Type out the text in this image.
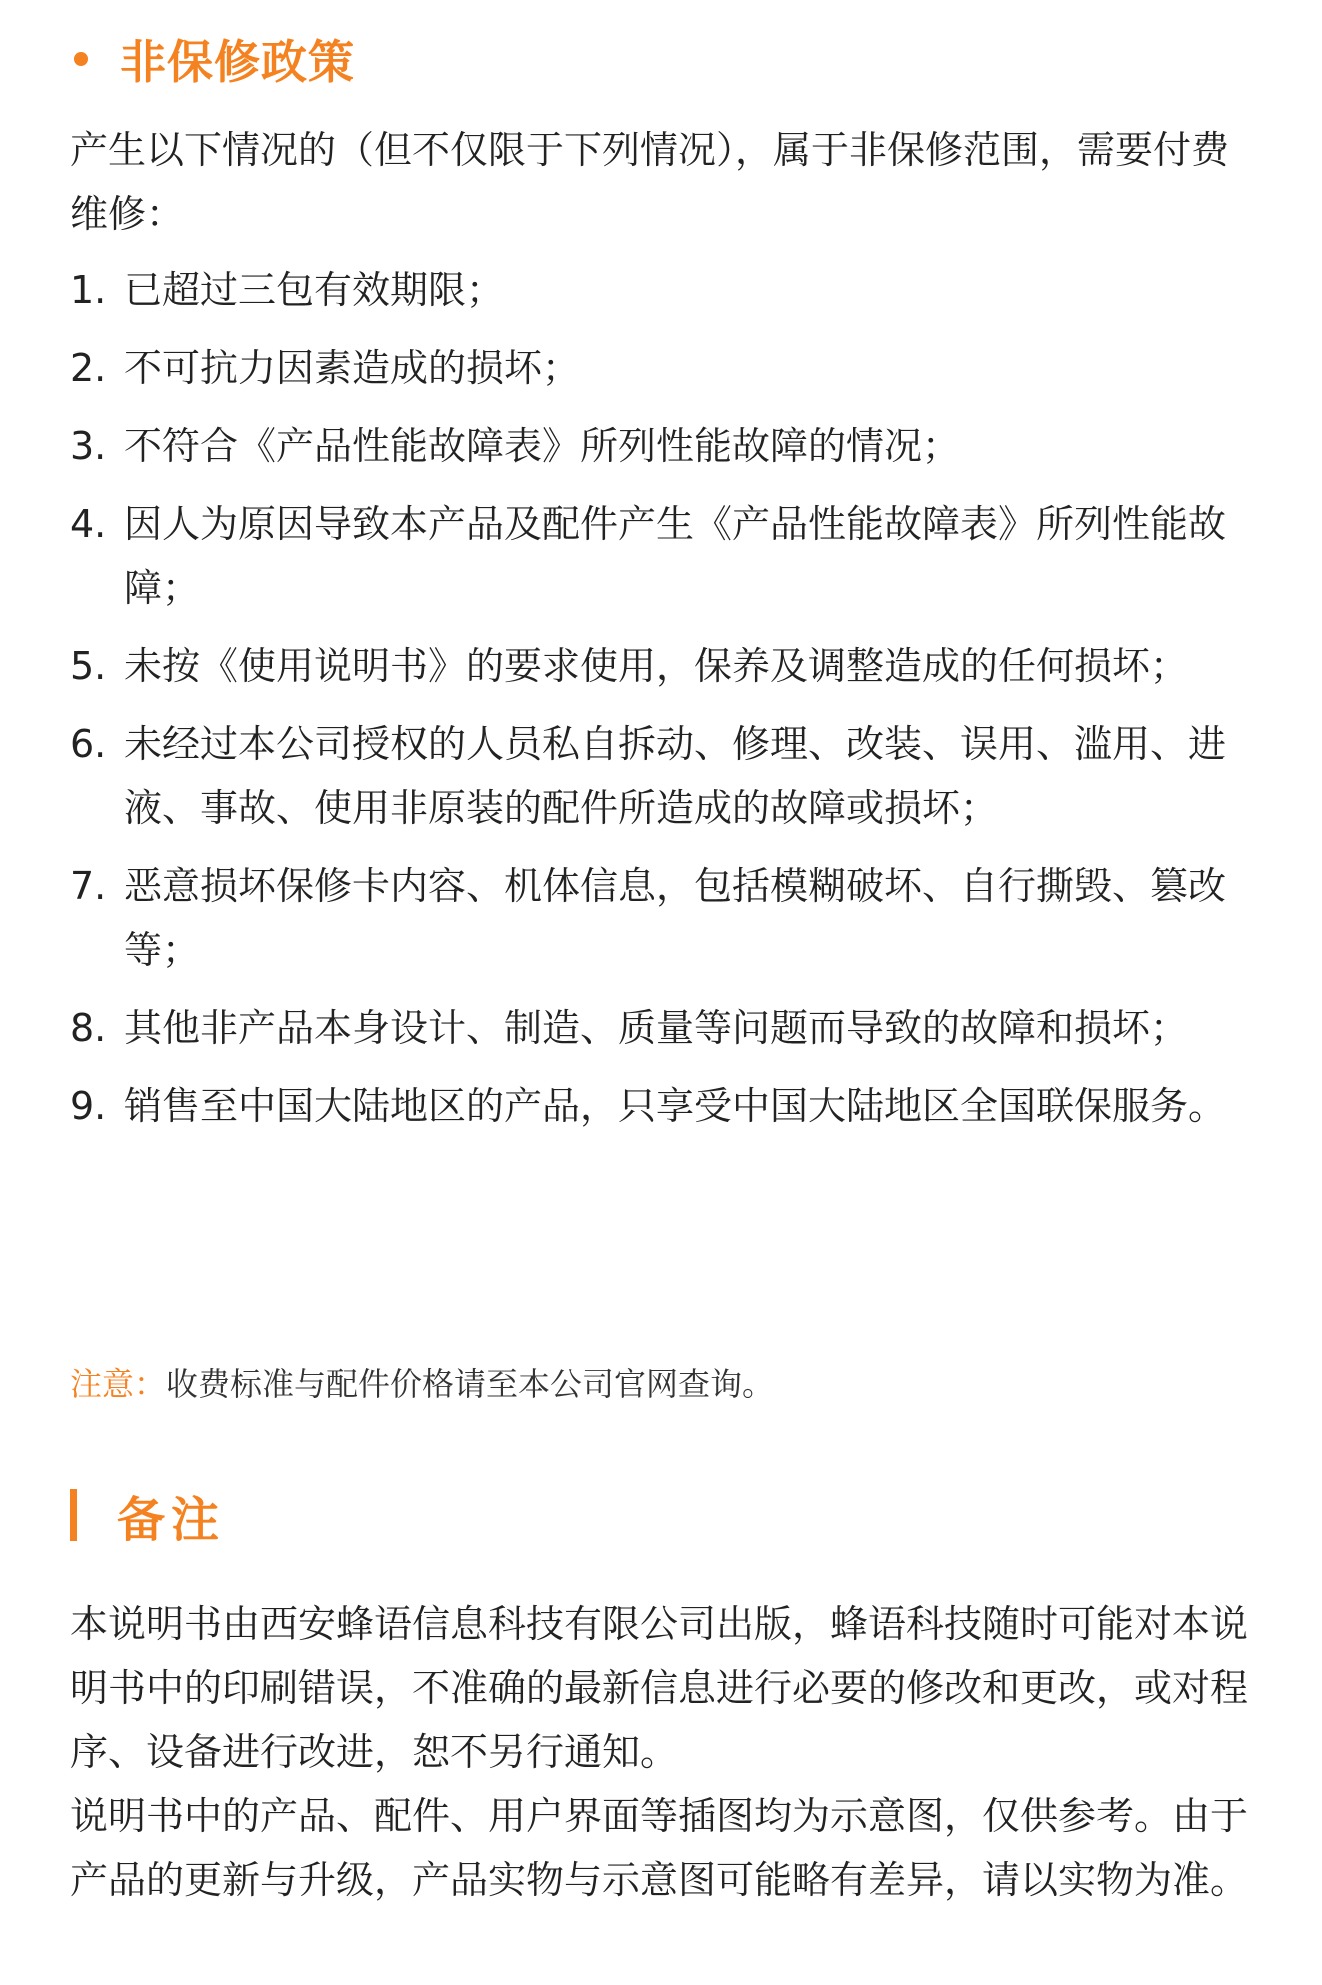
非保修政策

产生以下情况的（但不仅限于下列情况），属于非保修范围，需要付费维修：

1. 已超过三包有效期限；
2. 不可抗力因素造成的损坏；
3. 不符合《产品性能故障表》所列性能故障的情况；
4. 因人为原因导致本产品及配件产生《产品性能故障表》所列性能故障；
5. 未按《使用说明书》的要求使用，保养及调整造成的任何损坏；
6. 未经过本公司授权的人员私自拆动、修理、改装、误用、滥用、进液、事故、使用非原装的配件所造成的故障或损坏；
7. 恶意损坏保修卡内容、机体信息，包括模糊破坏、自行撕毁、篡改等；
8. 其他非产品本身设计、制造、质量等问题而导致的故障和损坏；
9. 销售至中国大陆地区的产品，只享受中国大陆地区全国联保服务。
注意：收费标准与配件价格请至本公司官网查询。
备注

本说明书由西安蜂语信息科技有限公司出版，蜂语科技随时可能对本说明书中的印刷错误，不准确的最新信息进行必要的修改和更改，或对程序、设备进行改进，恕不另行通知。

说明书中的产品、配件、用户界面等插图均为示意图，仅供参考。由于产品的更新与升级，产品实物与示意图可能略有差异，请以实物为准。
